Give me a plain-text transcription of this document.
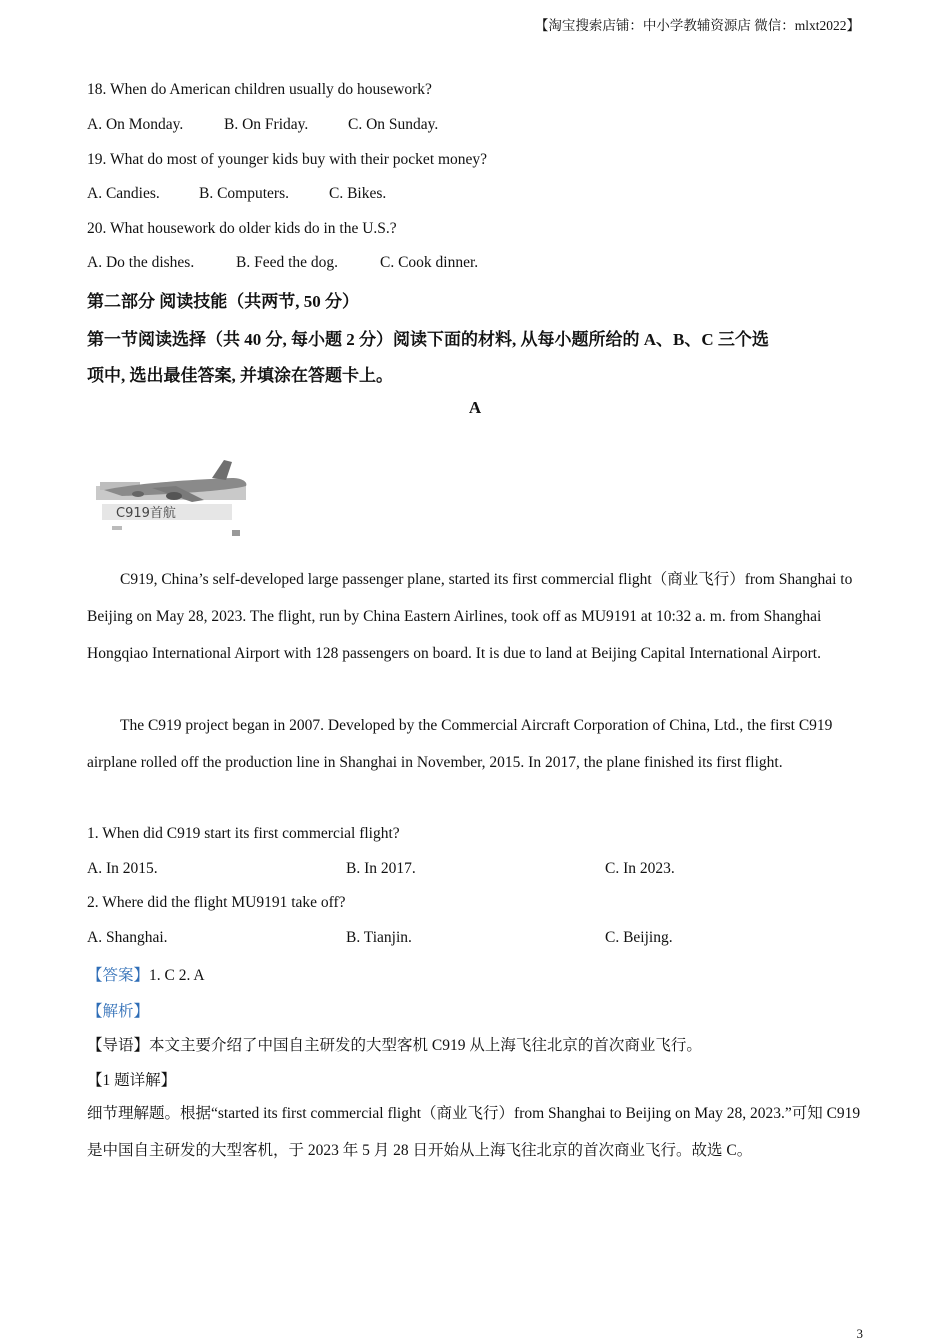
【淘宝搜索店铺：中小学教辅资源店 微信：mlxt2022】
18. When do American children usually do housework?
A. On Monday.	B. On Friday.	C. On Sunday.
19. What do most of younger kids buy with their pocket money?
A. Candies.	B. Computers.	C. Bikes.
20. What housework do older kids do in the U.S.?
A. Do the dishes.	B. Feed the dog.	C. Cook dinner.
第二部分 阅读技能（共两节, 50 分）
第一节阅读选择（共 40 分, 每小题 2 分）阅读下面的材料, 从每小题所给的 A、B、C 三个选
项中, 选出最佳答案, 并填涂在答题卡上。
A
C919首航
C919, China’s self-developed large passenger plane, started its first commercial flight（商业飞行）from Shanghai to Beijing on May 28, 2023. The flight, run by China Eastern Airlines, took off as MU9191 at 10:32 a. m. from Shanghai Hongqiao International Airport with 128 passengers on board. It is due to land at Beijing Capital International Airport.
The C919 project began in 2007. Developed by the Commercial Aircraft Corporation of China, Ltd., the first C919 airplane rolled off the production line in Shanghai in November, 2015. In 2017, the plane finished its first flight.
1. When did C919 start its first commercial flight?
A. In 2015.	B. In 2017.	C. In 2023.
2. Where did the flight MU9191 take off?
A. Shanghai.	B. Tianjin.	C. Beijing.
【答案】1. C 2. A
【解析】
【导语】本文主要介绍了中国自主研发的大型客机 C919 从上海飞往北京的首次商业飞行。
【1 题详解】
细节理解题。根据“started its first commercial flight（商业飞行）from Shanghai to Beijing on May 28, 2023.”可知 C919 是中国自主研发的大型客机，于 2023 年 5 月 28 日开始从上海飞往北京的首次商业飞行。故选 C。
3
